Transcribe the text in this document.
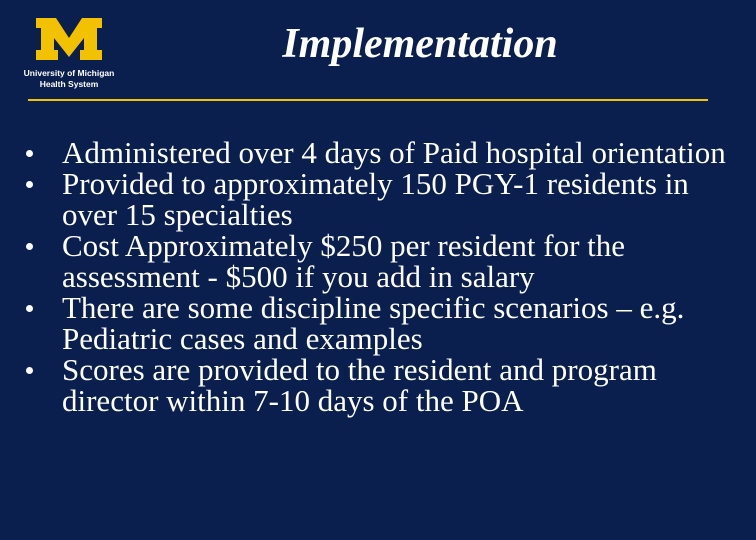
University of Michigan
Health System
Implementation
Administered over 4 days of Paid hospital orientation
Provided to approximately 150 PGY-1 residents in over 15 specialties
Cost Approximately $250 per resident for the assessment - $500 if you add in salary
There are some discipline specific scenarios – e.g. Pediatric cases and examples
Scores are provided to the resident and program director within 7-10 days of the POA
